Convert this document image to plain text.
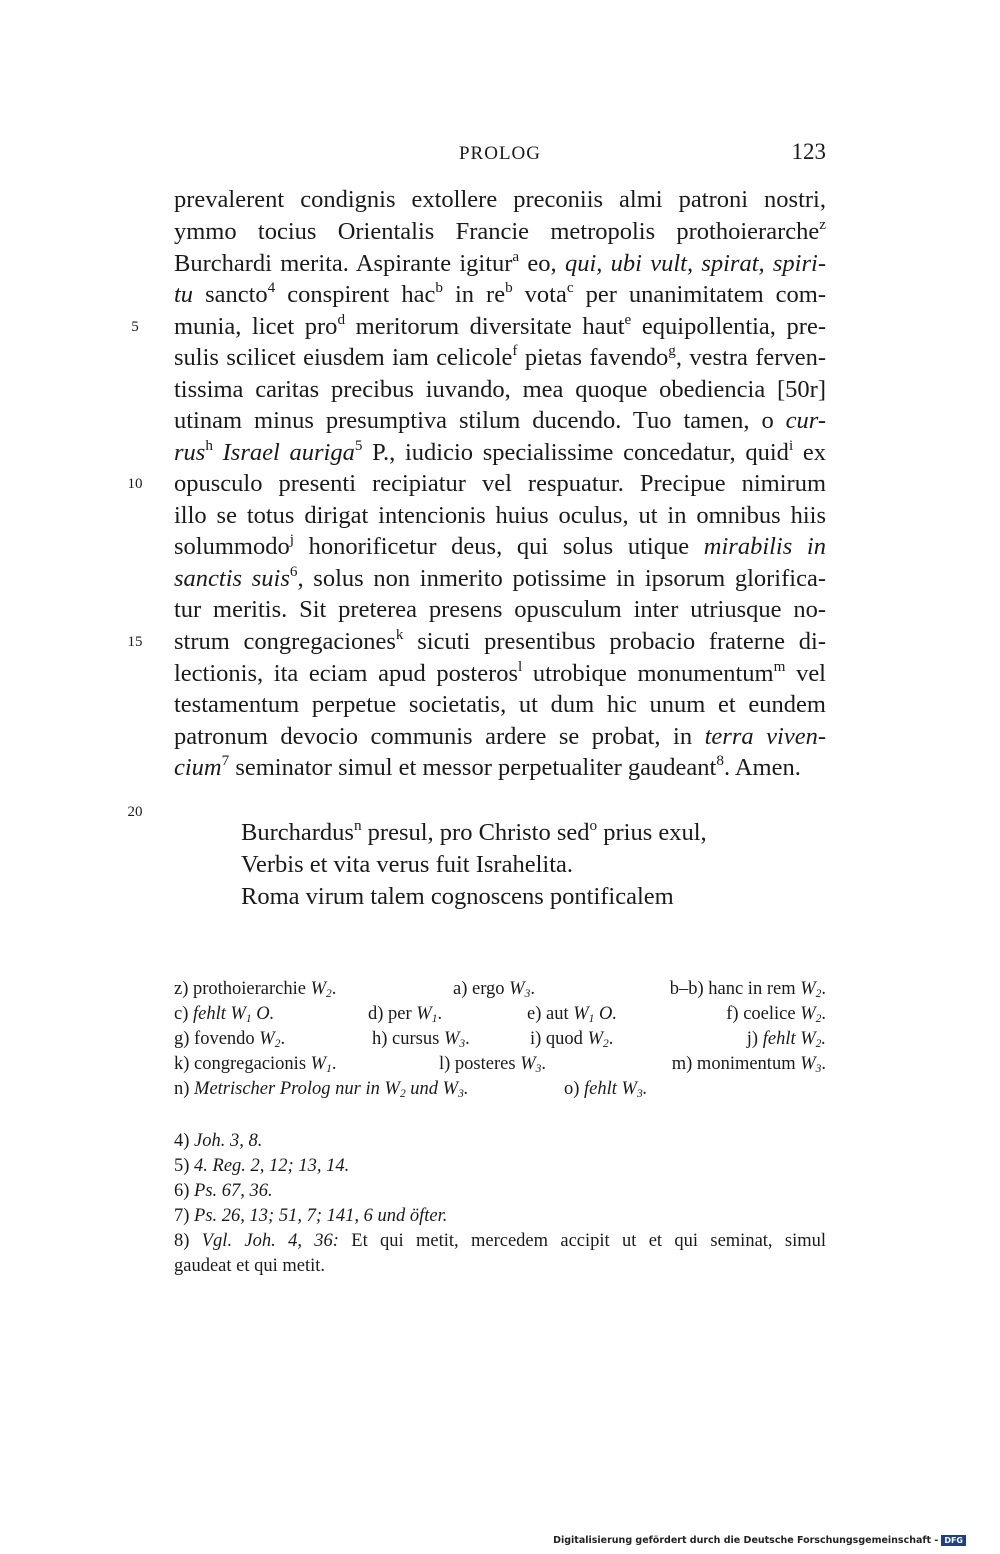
PROLOG	123
5
10
15
20
prevalerent condignis extollere preconiis almi patroni nostri,
ymmo tocius Orientalis Francie metropolis prothoierarche$^z$
Burchardi merita. Aspirante igitur$^a$ eo, qui, ubi vult, spirat, spiri-
tu sancto$^4$ conspirent hac$^b$ in $re^b$ vota$^c$ per unanimitatem com-
munia, licet pro$^d$ meritorum diversitate haut$^e$ equipollentia, pre-
sulis scilicet eiusdem iam celicole$^f$ pietas favendo$^g$, vestra ferven-
tissima caritas precibus iuvando, mea quoque obediencia [50r]
utinam minus presumptiva stilum ducendo. Tuo tamen, o cur-
rus$^h$ Israel auriga$^5$ P., iudicio specialissime concedatur, quid$^i$ ex
opusculo presenti recipiatur vel respuatur. Precipue nimirum
illo se totus dirigat intencionis huius oculus, ut in omnibus hiis
solummodo$^j$ honorificetur deus, qui solus utique mirabilis in
sanctis suis$^6$, solus non inmerito potissime in ipsorum glorifica-
tur meritis. Sit preterea presens opusculum inter utriusque no-
strum congregaciones$^k$ sicuti presentibus probacio fraterne di-
lectionis, ita eciam apud posteros$^l$ utrobique monumentum$^m$ vel
testamentum perpetue societatis, ut dum hic unum et eundem
patronum devocio communis ardere se probat, in terra viven-
cium$^7$ seminator simul et messor perpetualiter gaudeant$^8$. Amen.
Burchardus$^n$ presul, pro Christo sed$^o$ prius exul,
Verbis et vita verus fuit Israhelita.
Roma virum talem cognoscens pontificalem
z) prothoierarchie $W_2$.	a) ergo $W_3$.	b–b) hanc in rem $W_2$.
c) fehlt $W_1$ O.	d) per $W_1$.	e) aut $W_1$ O.	f) coelice $W_2$.
g) fovendo $W_2$.	h) cursus $W_3$.	i) quod $W_2$.	j) fehlt $W_2$.
k) congregacionis $W_1$.	l) posteres $W_3$.	m) monimentum $W_3$.
n) Metrischer Prolog nur in $W_2$ und $W_3$.	o) fehlt $W_3$.
4) Joh. 3, 8.
5) 4. Reg. 2, 12; 13, 14.
6) Ps. 67, 36.
7) Ps. 26, 13; 51, 7; 141, 6 und öfter.
8) Vgl. Joh. 4, 36: Et qui metit, mercedem accipit ut et qui seminat, simul
gaudeat et qui metit.
Digitalisierung gefördert durch die Deutsche Forschungsgemeinschaft - DFG
